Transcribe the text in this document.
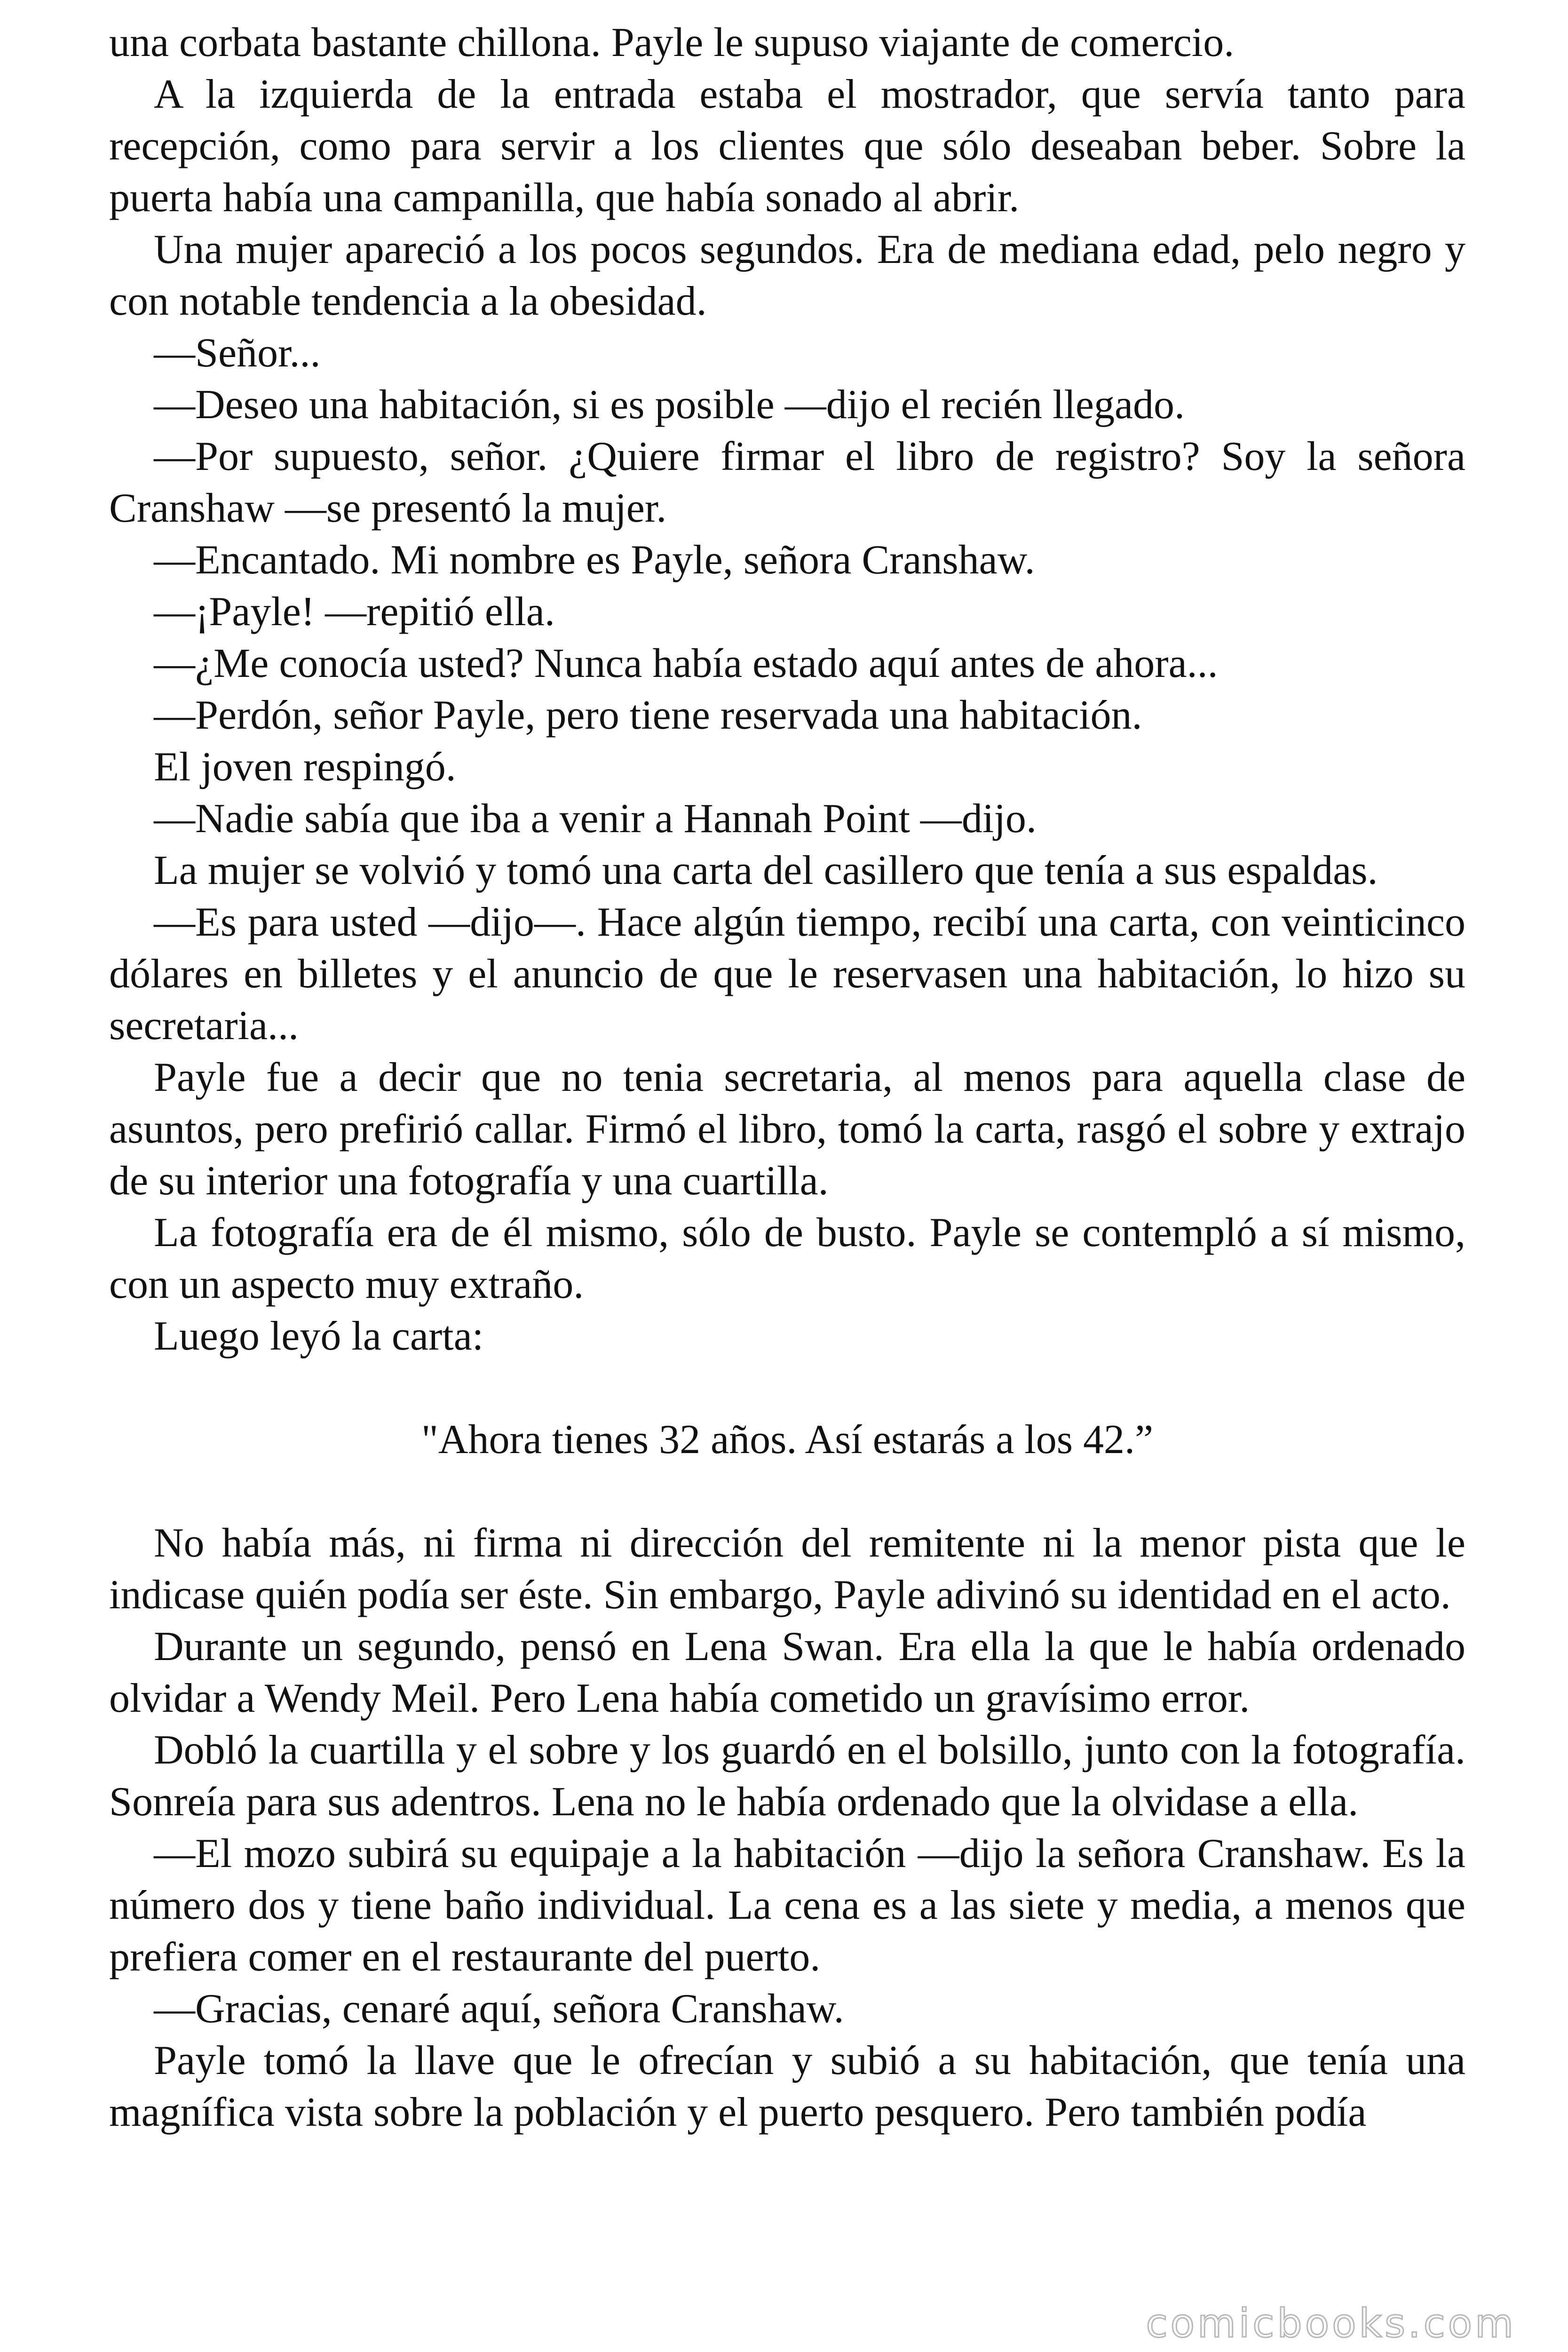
una corbata bastante chillona. Payle le supuso viajante de comercio.

A la izquierda de la entrada estaba el mostrador, que servía tanto para recepción, como para servir a los clientes que sólo deseaban beber. Sobre la puerta había una campanilla, que había sonado al abrir.

Una mujer apareció a los pocos segundos. Era de mediana edad, pelo negro y con notable tendencia a la obesidad.

—Señor...

—Deseo una habitación, si es posible —dijo el recién llegado.

—Por supuesto, señor. ¿Quiere firmar el libro de registro? Soy la señora Cranshaw —se presentó la mujer.

—Encantado. Mi nombre es Payle, señora Cranshaw.

—¡Payle! —repitió ella.

—¿Me conocía usted? Nunca había estado aquí antes de ahora...

—Perdón, señor Payle, pero tiene reservada una habitación.

El joven respingó.

—Nadie sabía que iba a venir a Hannah Point —dijo.

La mujer se volvió y tomó una carta del casillero que tenía a sus espaldas.

—Es para usted —dijo—. Hace algún tiempo, recibí una carta, con veinticinco dólares en billetes y el anuncio de que le reservasen una habitación, lo hizo su secretaria...

Payle fue a decir que no tenia secretaria, al menos para aquella clase de asuntos, pero prefirió callar. Firmó el libro, tomó la carta, rasgó el sobre y extrajo de su interior una fotografía y una cuartilla.

La fotografía era de él mismo, sólo de busto. Payle se contempló a sí mismo, con un aspecto muy extraño.

Luego leyó la carta:

"Ahora tienes 32 años. Así estarás a los 42.”

No había más, ni firma ni dirección del remitente ni la menor pista que le indicase quién podía ser éste. Sin embargo, Payle adivinó su identidad en el acto.

Durante un segundo, pensó en Lena Swan. Era ella la que le había ordenado olvidar a Wendy Meil. Pero Lena había cometido un gravísimo error.

Dobló la cuartilla y el sobre y los guardó en el bolsillo, junto con la fotografía. Sonreía para sus adentros. Lena no le había ordenado que la olvidase a ella.

—El mozo subirá su equipaje a la habitación —dijo la señora Cranshaw. Es la número dos y tiene baño individual. La cena es a las siete y media, a menos que prefiera comer en el restaurante del puerto.

—Gracias, cenaré aquí, señora Cranshaw.

Payle tomó la llave que le ofrecían y subió a su habitación, que tenía una magnífica vista sobre la población y el puerto pesquero. Pero también podía

comicbooks.com
